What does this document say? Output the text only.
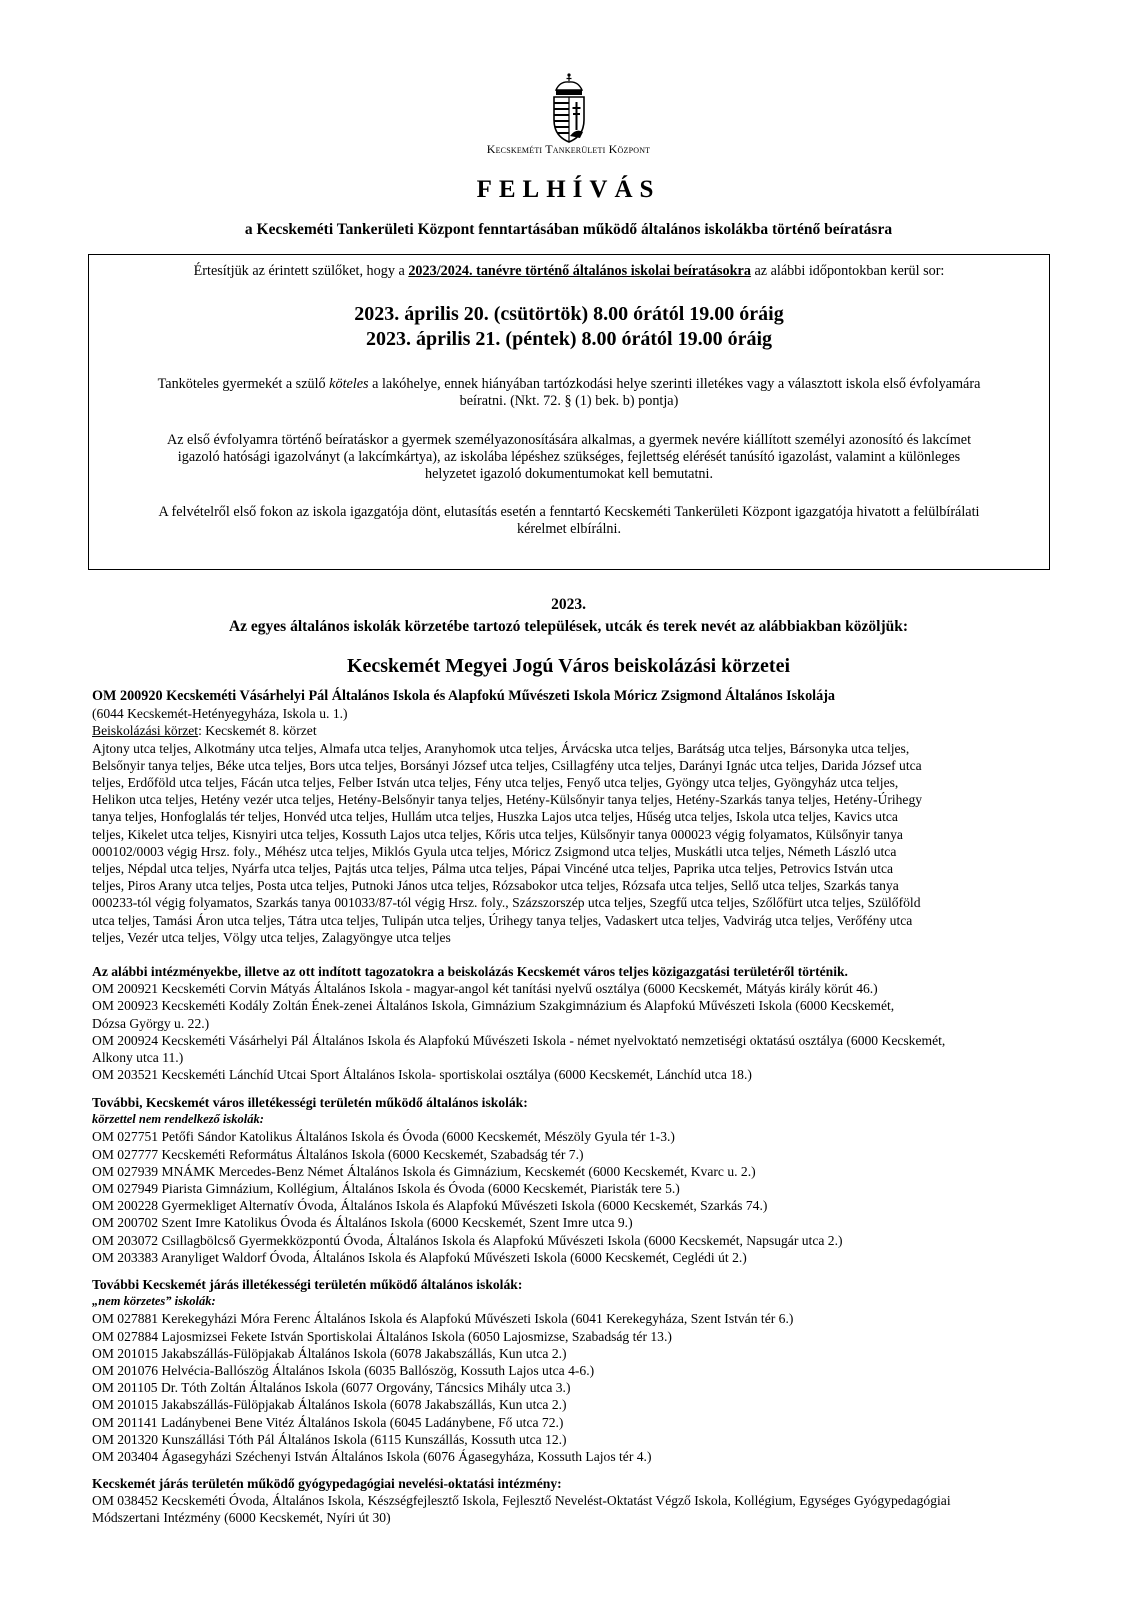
Kecskeméti Tankerületi Központ
FELHÍVÁS
a Kecskeméti Tankerületi Központ fenntartásában működő általános iskolákba történő beíratásra
Értesítjük az érintett szülőket, hogy a 2023/2024. tanévre történő általános iskolai beíratásokra az alábbi időpontokban kerül sor:
2023. április 20. (csütörtök) 8.00 órától 19.00 óráig
2023. április 21. (péntek) 8.00 órától 19.00 óráig
Tanköteles gyermekét a szülő köteles a lakóhelye, ennek hiányában tartózkodási helye szerinti illetékes vagy a választott iskola első évfolyamára
beíratni. (Nkt. 72. § (1) bek. b) pontja)
Az első évfolyamra történő beíratáskor a gyermek személyazonosítására alkalmas, a gyermek nevére kiállított személyi azonosító és lakcímet
igazoló hatósági igazolványt (a lakcímkártya), az iskolába lépéshez szükséges, fejlettség elérését tanúsító igazolást, valamint a különleges
helyzetet igazoló dokumentumokat kell bemutatni.
A felvételről első fokon az iskola igazgatója dönt, elutasítás esetén a fenntartó Kecskeméti Tankerületi Központ igazgatója hivatott a felülbírálati
kérelmet elbírálni.
2023.
Az egyes általános iskolák körzetébe tartozó települések, utcák és terek nevét az alábbiakban közöljük:
Kecskemét Megyei Jogú Város beiskolázási körzetei
OM 200920 Kecskeméti Vásárhelyi Pál Általános Iskola és Alapfokú Művészeti Iskola Móricz Zsigmond Általános Iskolája
(6044 Kecskemét-Hetényegyháza, Iskola u. 1.)
Beiskolázási körzet: Kecskemét 8. körzet
Ajtony utca teljes, Alkotmány utca teljes, Almafa utca teljes, Aranyhomok utca teljes, Árvácska utca teljes, Barátság utca teljes, Bársonyka utca teljes,
Belsőnyir tanya teljes, Béke utca teljes, Bors utca teljes, Borsányi József utca teljes, Csillagfény utca teljes, Darányi Ignác utca teljes, Darida József utca
teljes, Erdőföld utca teljes, Fácán utca teljes, Felber István utca teljes, Fény utca teljes, Fenyő utca teljes, Gyöngy utca teljes, Gyöngyház utca teljes,
Helikon utca teljes, Hetény vezér utca teljes, Hetény-Belsőnyir tanya teljes, Hetény-Külsőnyir tanya teljes, Hetény-Szarkás tanya teljes, Hetény-Úrihegy
tanya teljes, Honfoglalás tér teljes, Honvéd utca teljes, Hullám utca teljes, Huszka Lajos utca teljes, Hűség utca teljes, Iskola utca teljes, Kavics utca
teljes, Kikelet utca teljes, Kisnyiri utca teljes, Kossuth Lajos utca teljes, Kőris utca teljes, Külsőnyir tanya 000023 végig folyamatos, Külsőnyir tanya
000102/0003 végig Hrsz. foly., Méhész utca teljes, Miklós Gyula utca teljes, Móricz Zsigmond utca teljes, Muskátli utca teljes, Németh László utca
teljes, Népdal utca teljes, Nyárfa utca teljes, Pajtás utca teljes, Pálma utca teljes, Pápai Vincéné utca teljes, Paprika utca teljes, Petrovics István utca
teljes, Piros Arany utca teljes, Posta utca teljes, Putnoki János utca teljes, Rózsabokor utca teljes, Rózsafa utca teljes, Sellő utca teljes, Szarkás tanya
000233-tól végig folyamatos, Szarkás tanya 001033/87-tól végig Hrsz. foly., Százszorszép utca teljes, Szegfű utca teljes, Szőlőfürt utca teljes, Szülőföld
utca teljes, Tamási Áron utca teljes, Tátra utca teljes, Tulipán utca teljes, Úrihegy tanya teljes, Vadaskert utca teljes, Vadvirág utca teljes, Verőfény utca
teljes, Vezér utca teljes, Völgy utca teljes, Zalagyöngye utca teljes
Az alábbi intézményekbe, illetve az ott indított tagozatokra a beiskolázás Kecskemét város teljes közigazgatási területéről történik.
OM 200921 Kecskeméti Corvin Mátyás Általános Iskola - magyar-angol két tanítási nyelvű osztálya (6000 Kecskemét, Mátyás király körút 46.)
OM 200923 Kecskeméti Kodály Zoltán Ének-zenei Általános Iskola, Gimnázium Szakgimnázium és Alapfokú Művészeti Iskola (6000 Kecskemét,
Dózsa György u. 22.)
OM 200924 Kecskeméti Vásárhelyi Pál Általános Iskola és Alapfokú Művészeti Iskola - német nyelvoktató nemzetiségi oktatású osztálya (6000 Kecskemét,
Alkony utca 11.)
OM 203521 Kecskeméti Lánchíd Utcai Sport Általános Iskola- sportiskolai osztálya (6000 Kecskemét, Lánchíd utca 18.)
További, Kecskemét város illetékességi területén működő általános iskolák:
körzettel nem rendelkező iskolák:
OM 027751 Petőfi Sándor Katolikus Általános Iskola és Óvoda (6000 Kecskemét, Mészöly Gyula tér 1-3.)
OM 027777 Kecskeméti Református Általános Iskola (6000 Kecskemét, Szabadság tér 7.)
OM 027939 MNÁMK Mercedes-Benz Német Általános Iskola és Gimnázium, Kecskemét (6000 Kecskemét, Kvarc u. 2.)
OM 027949 Piarista Gimnázium, Kollégium, Általános Iskola és Óvoda (6000 Kecskemét, Piaristák tere 5.)
OM 200228 Gyermekliget Alternatív Óvoda, Általános Iskola és Alapfokú Művészeti Iskola (6000 Kecskemét, Szarkás 74.)
OM 200702 Szent Imre Katolikus Óvoda és Általános Iskola (6000 Kecskemét, Szent Imre utca 9.)
OM 203072 Csillagbölcső Gyermekközpontú Óvoda, Általános Iskola és Alapfokú Művészeti Iskola (6000 Kecskemét, Napsugár utca 2.)
OM 203383 Aranyliget Waldorf Óvoda, Általános Iskola és Alapfokú Művészeti Iskola (6000 Kecskemét, Ceglédi út 2.)
További Kecskemét járás illetékességi területén működő általános iskolák:
„nem körzetes” iskolák:
OM 027881 Kerekegyházi Móra Ferenc Általános Iskola és Alapfokú Művészeti Iskola (6041 Kerekegyháza, Szent István tér 6.)
OM 027884 Lajosmizsei Fekete István Sportiskolai Általános Iskola (6050 Lajosmizse, Szabadság tér 13.)
OM 201015 Jakabszállás-Fülöpjakab Általános Iskola (6078 Jakabszállás, Kun utca 2.)
OM 201076 Helvécia-Ballószög Általános Iskola (6035 Ballószög, Kossuth Lajos utca 4-6.)
OM 201105 Dr. Tóth Zoltán Általános Iskola (6077 Orgovány, Táncsics Mihály utca 3.)
OM 201015 Jakabszállás-Fülöpjakab Általános Iskola (6078 Jakabszállás, Kun utca 2.)
OM 201141 Ladánybenei Bene Vitéz Általános Iskola (6045 Ladánybene, Fő utca 72.)
OM 201320 Kunszállási Tóth Pál Általános Iskola (6115 Kunszállás, Kossuth utca 12.)
OM 203404 Ágasegyházi Széchenyi István Általános Iskola (6076 Ágasegyháza, Kossuth Lajos tér 4.)
Kecskemét járás területén működő gyógypedagógiai nevelési-oktatási intézmény:
OM 038452 Kecskeméti Óvoda, Általános Iskola, Készségfejlesztő Iskola, Fejlesztő Nevelést-Oktatást Végző Iskola, Kollégium, Egységes Gyógypedagógiai
Módszertani Intézmény (6000 Kecskemét, Nyíri út 30)
